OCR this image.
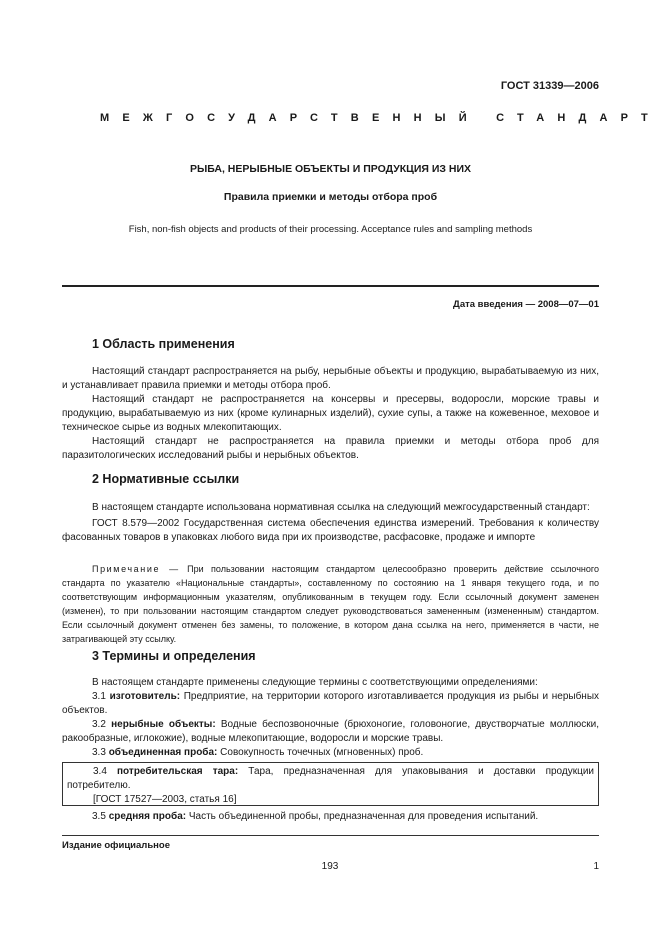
ГОСТ 31339—2006
МЕЖГОСУДАРСТВЕННЫЙ СТАНДАРТ
РЫБА, НЕРЫБНЫЕ ОБЪЕКТЫ И ПРОДУКЦИЯ ИЗ НИХ
Правила приемки и методы отбора проб
Fish, non-fish objects and products of their processing. Acceptance rules and sampling methods
Дата введения — 2008—07—01
1 Область применения

Настоящий стандарт распространяется на рыбу, нерыбные объекты и продукцию, вырабатываемую из них, и устанавливает правила приемки и методы отбора проб.

Настоящий стандарт не распространяется на консервы и пресервы, водоросли, морские травы и продукцию, вырабатываемую из них (кроме кулинарных изделий), сухие супы, а также на кожевенное, меховое и техническое сырье из водных млекопитающих.

Настоящий стандарт не распространяется на правила приемки и методы отбора проб для паразитологических исследований рыбы и нерыбных объектов.

2 Нормативные ссылки

В настоящем стандарте использована нормативная ссылка на следующий межгосударственный стандарт:

ГОСТ 8.579—2002 Государственная система обеспечения единства измерений. Требования к количеству фасованных товаров в упаковках любого вида при их производстве, расфасовке, продаже и импорте

Примечание — При пользовании настоящим стандартом целесообразно проверить действие ссылочного стандарта по указателю «Национальные стандарты», составленному по состоянию на 1 января текущего года, и по соответствующим информационным указателям, опубликованным в текущем году. Если ссылочный документ заменен (изменен), то при пользовании настоящим стандартом следует руководствоваться замененным (измененным) стандартом. Если ссылочный документ отменен без замены, то положение, в котором дана ссылка на него, применяется в части, не затрагивающей эту ссылку.

3 Термины и определения

В настоящем стандарте применены следующие термины с соответствующими определениями:

3.1 изготовитель: Предприятие, на территории которого изготавливается продукция из рыбы и нерыбных объектов.

3.2 нерыбные объекты: Водные беспозвоночные (брюхоногие, головоногие, двустворчатые моллюски, ракообразные, иглокожие), водные млекопитающие, водоросли и морские травы.

3.3 объединенная проба: Совокупность точечных (мгновенных) проб.

3.4 потребительская тара: Тара, предназначенная для упаковывания и доставки продукции потребителю.

[ГОСТ 17527—2003, статья 16]

3.5 средняя проба: Часть объединенной пробы, предназначенная для проведения испытаний.

Издание официальное
193	1
